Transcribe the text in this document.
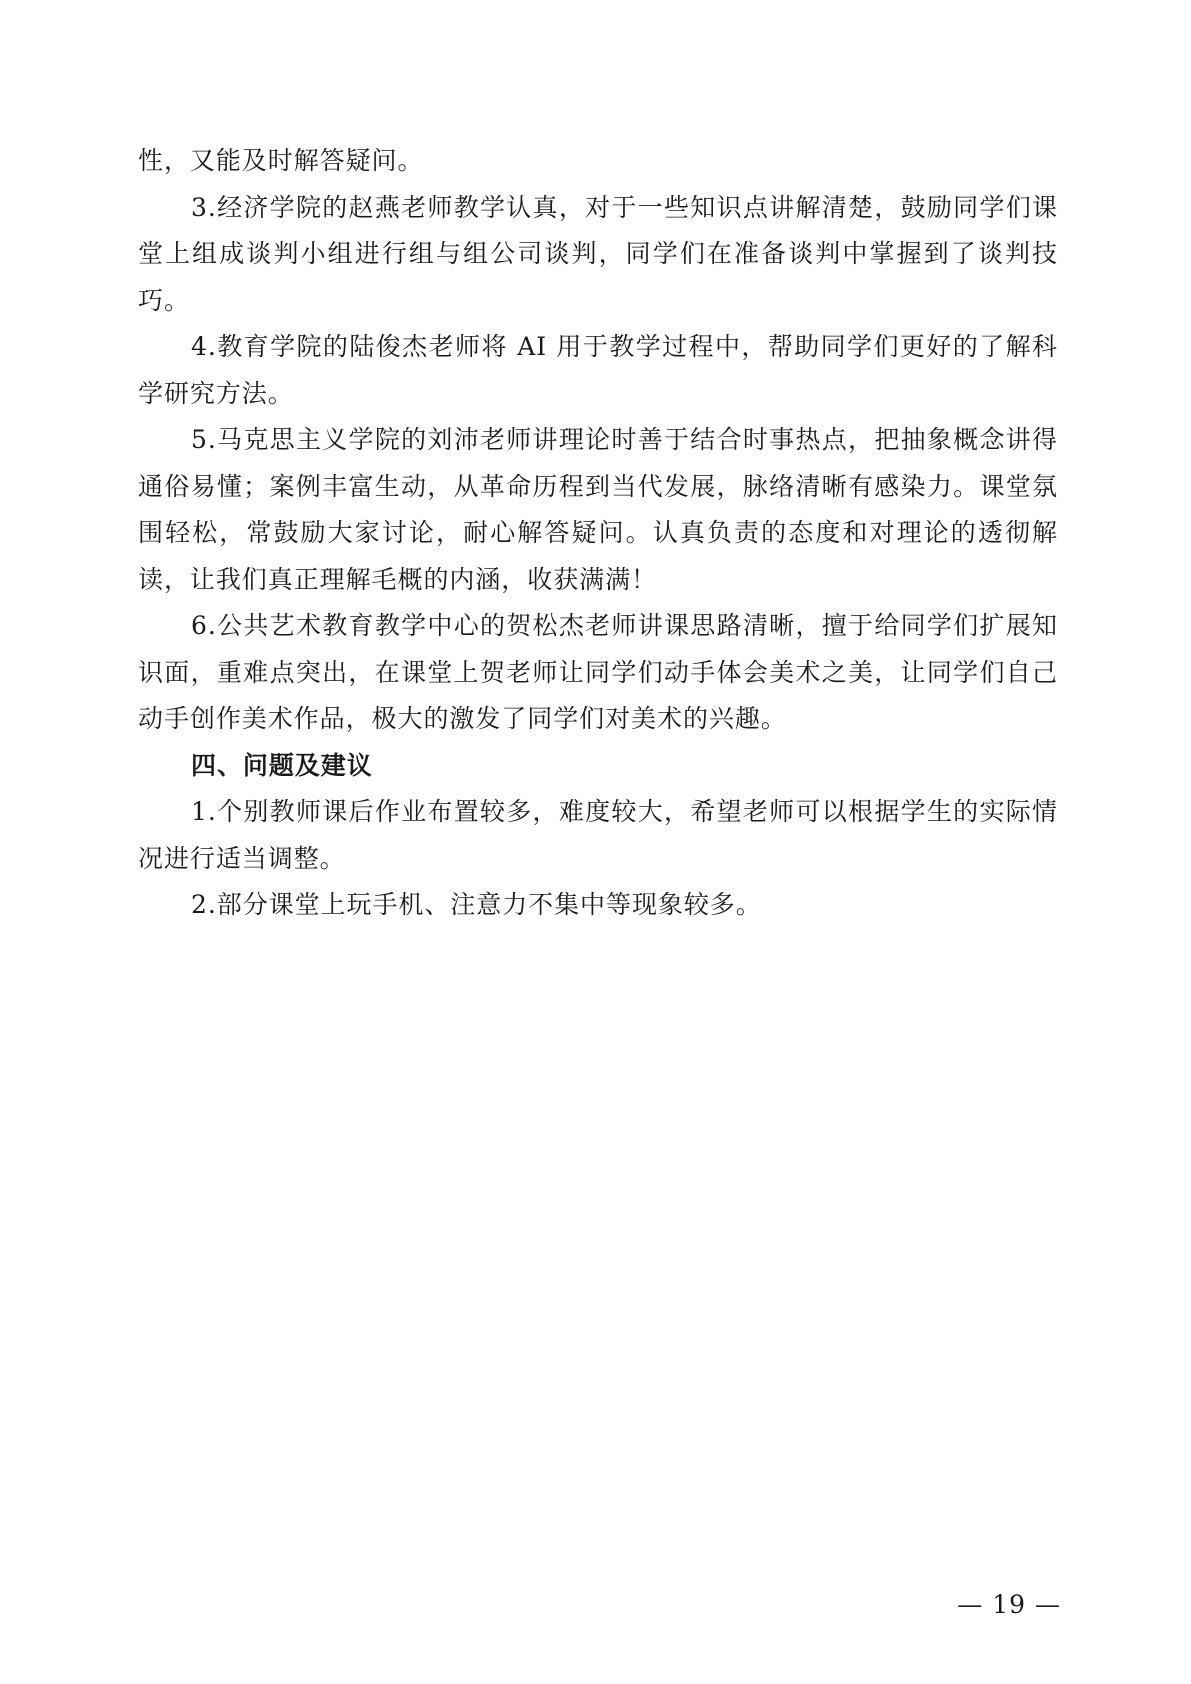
性，又能及时解答疑问。

3.经济学院的赵燕老师教学认真，对于一些知识点讲解清楚，鼓励同学们课堂上组成谈判小组进行组与组公司谈判，同学们在准备谈判中掌握到了谈判技巧。

4.教育学院的陆俊杰老师将 AI 用于教学过程中，帮助同学们更好的了解科学研究方法。

5.马克思主义学院的刘沛老师讲理论时善于结合时事热点，把抽象概念讲得通俗易懂；案例丰富生动，从革命历程到当代发展，脉络清晰有感染力。课堂氛围轻松，常鼓励大家讨论，耐心解答疑问。认真负责的态度和对理论的透彻解读，让我们真正理解毛概的内涵，收获满满！

6.公共艺术教育教学中心的贺松杰老师讲课思路清晰，擅于给同学们扩展知识面，重难点突出，在课堂上贺老师让同学们动手体会美术之美，让同学们自己动手创作美术作品，极大的激发了同学们对美术的兴趣。

四、问题及建议

1.个别教师课后作业布置较多，难度较大，希望老师可以根据学生的实际情况进行适当调整。

2.部分课堂上玩手机、注意力不集中等现象较多。

— 19 —
